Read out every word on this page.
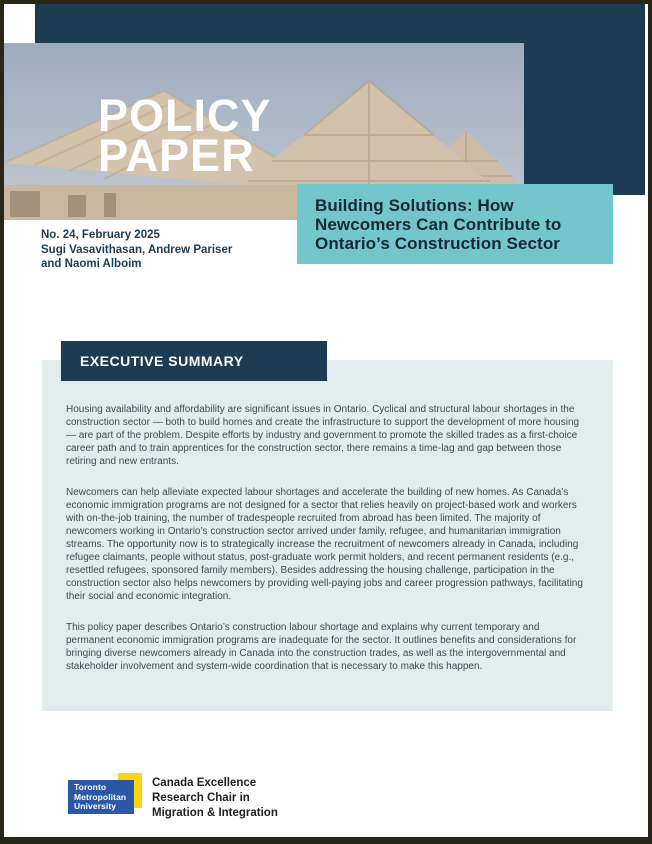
POLICY
PAPER
Building Solutions: How Newcomers Can Contribute to Ontario’s Construction Sector
No. 24, February 2025
Sugi Vasavithasan, Andrew Pariser
and Naomi Alboim
EXECUTIVE SUMMARY

Housing availability and affordability are significant issues in Ontario. Cyclical and structural labour shortages in the construction sector — both to build homes and create the infrastructure to support the development of more housing— are part of the problem. Despite efforts by industry and government to promote the skilled trades as a first-choice career path and to train apprentices for the construction sector, there remains a time-lag and gap between those retiring and new entrants.

Newcomers can help alleviate expected labour shortages and accelerate the building of new homes. As Canada’s economic immigration programs are not designed for a sector that relies heavily on project-based work and workers with on-the-job training, the number of tradespeople recruited from abroad has been limited. The majority of newcomers working in Ontario’s construction sector arrived under family, refugee, and humanitarian immigration streams. The opportunity now is to strategically increase the recruitment of newcomers already in Canada, including refugee claimants, people without status, post-graduate work permit holders, and recent permanent residents (e.g., resettled refugees, sponsored family members). Besides addressing the housing challenge, participation in the construction sector also helps newcomers by providing well-paying jobs and career progression pathways, facilitating their social and economic integration.

This policy paper describes Ontario’s construction labour shortage and explains why current temporary and permanent economic immigration programs are inadequate for the sector. It outlines benefits and considerations for bringing diverse newcomers already in Canada into the construction trades, as well as the intergovernmental and stakeholder involvement and system-wide coordination that is necessary to make this happen.

Toronto
Metropolitan
University
Canada Excellence
Research Chair in
Migration & Integration
